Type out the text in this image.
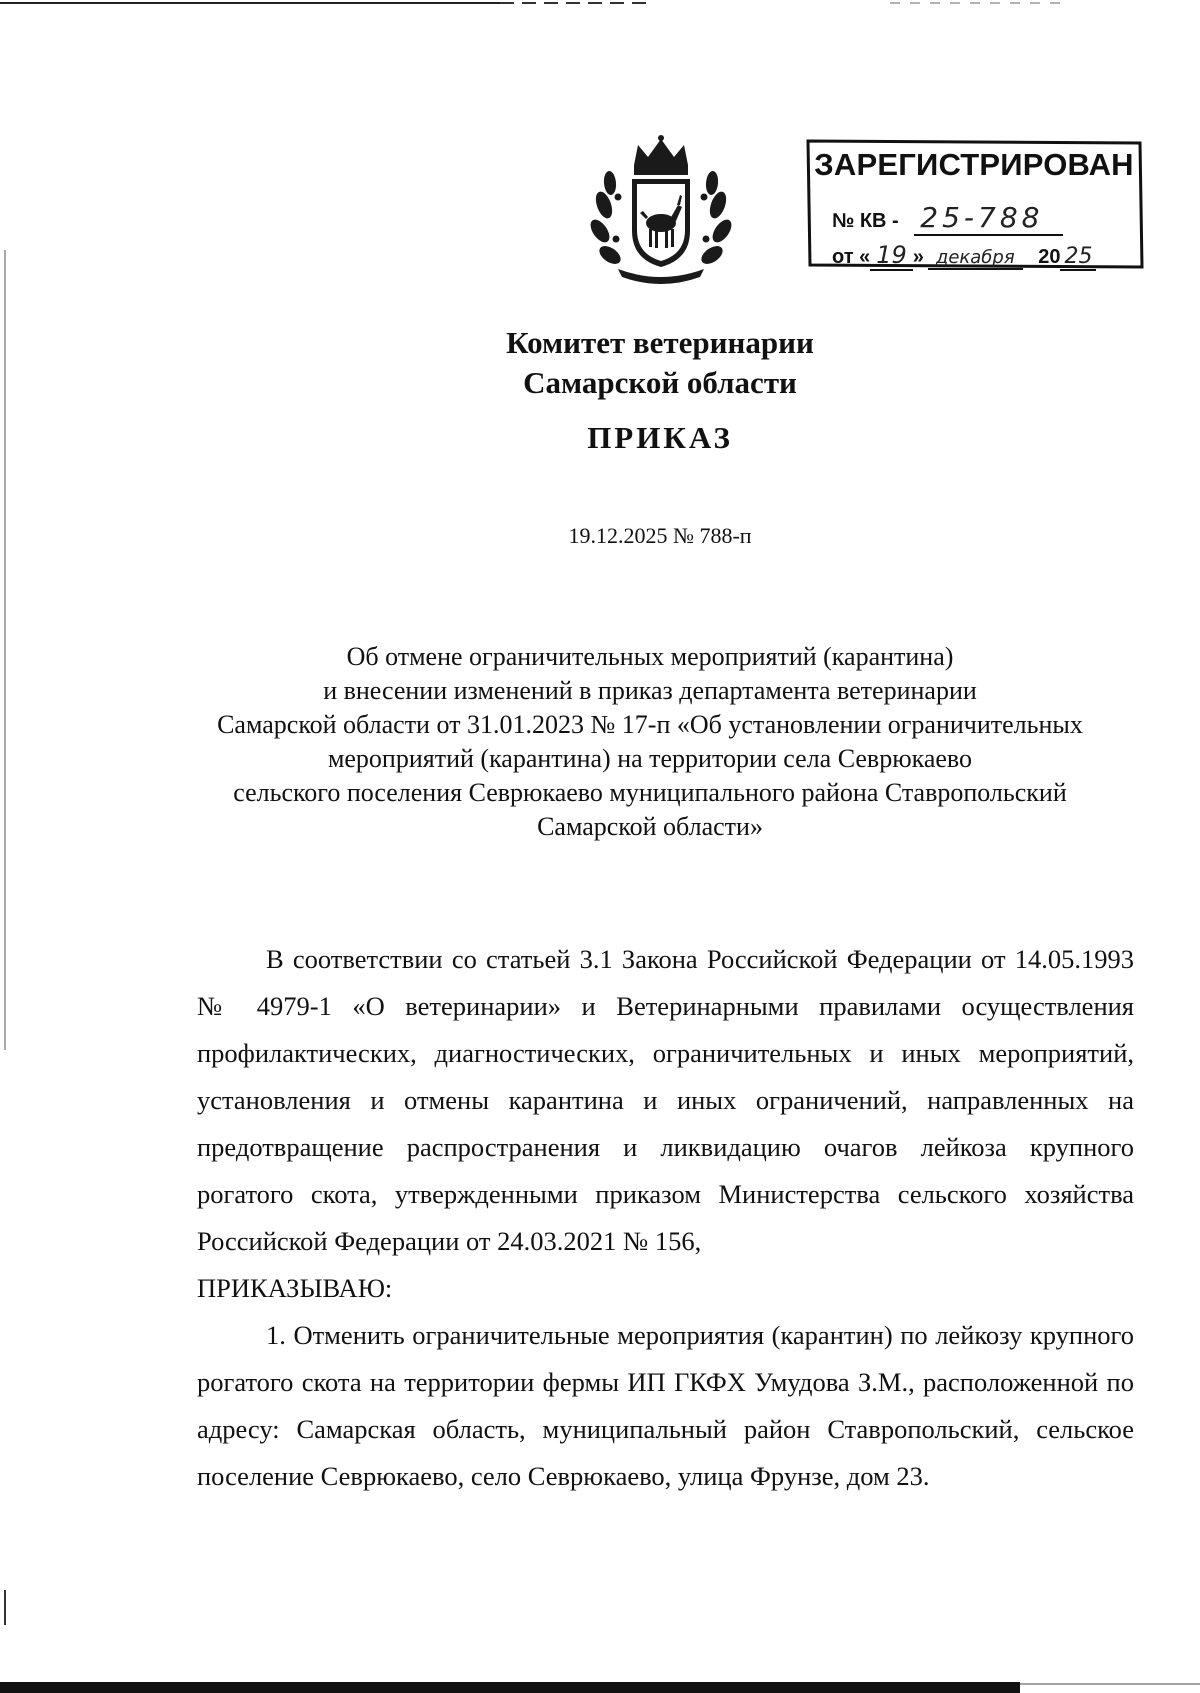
ЗАРЕГИСТРИРОВАН
№ КВ - 25-788
от « 19 » декабря 20 25
Комитет ветеринарии
Самарской области
ПРИКАЗ
19.12.2025 № 788-п
Об отмене ограничительных мероприятий (карантина)
и внесении изменений в приказ департамента ветеринарии
Самарской области от 31.01.2023 № 17-п «Об установлении ограничительных
мероприятий (карантина) на территории села Севрюкаево
сельского поселения Севрюкаево муниципального района Ставропольский
Самарской области»

В соответствии со статьей 3.1 Закона Российской Федерации от 14.05.1993 № 4979-1 «О ветеринарии» и Ветеринарными правилами осуществления профилактических, диагностических, ограничительных и иных мероприятий, установления и отмены карантина и иных ограничений, направленных на предотвращение распространения и ликвидацию очагов лейкоза крупного рогатого скота, утвержденными приказом Министерства сельского хозяйства Российской Федерации от 24.03.2021 № 156,

ПРИКАЗЫВАЮ:

1. Отменить ограничительные мероприятия (карантин) по лейкозу крупного рогатого скота на территории фермы ИП ГКФХ Умудова З.М., расположенной по адресу: Самарская область, муниципальный район Ставропольский, сельское поселение Севрюкаево, село Севрюкаево, улица Фрунзе, дом 23.
